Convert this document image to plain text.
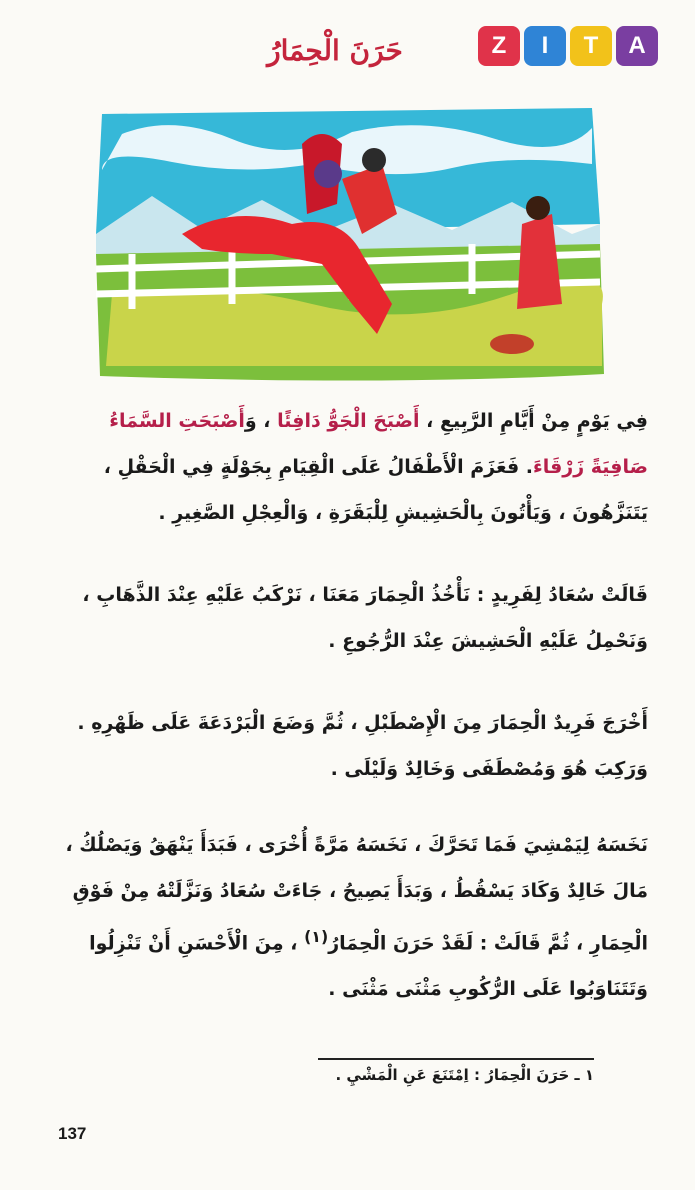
Z	I	T	A
حَرَنَ الْحِمَارُ
فِي يَوْمٍ مِنْ أَيَّامِ الرَّبِيعِ ، أَصْبَحَ الْجَوُّ دَافِئًا ، وَأَصْبَحَتِ السَّمَاءُ صَافِيَةً زَرْقَاءَ. فَعَزَمَ الْأَطْفَالُ عَلَى الْقِيَامِ بِجَوْلَةٍ فِي الْحَقْلِ ، يَتَنَزَّهُونَ ، وَيَأْتُونَ بِالْحَشِيشِ لِلْبَقَرَةِ ، وَالْعِجْلِ الصَّغِيرِ .
قَالَتْ سُعَادُ لِفَرِيدٍ : نَأْخُذُ الْحِمَارَ مَعَنَا ، نَرْكَبُ عَلَيْهِ عِنْدَ الذَّهَابِ ، وَنَحْمِلُ عَلَيْهِ الْحَشِيشَ عِنْدَ الرُّجُوعِ .
أَخْرَجَ فَرِيدٌ الْحِمَارَ مِنَ الْإِصْطَبْلِ ، ثُمَّ وَضَعَ الْبَرْدَعَةَ عَلَى ظَهْرِهِ . وَرَكِبَ هُوَ وَمُصْطَفَى وَخَالِدٌ وَلَيْلَى .
نَخَسَهُ لِيَمْشِيَ فَمَا تَحَرَّكَ ، نَخَسَهُ مَرَّةً أُخْرَى ، فَبَدَأَ يَنْهَقُ وَيَصْلُكُ ، مَالَ خَالِدٌ وَكَادَ يَسْقُطُ ، وَبَدَأَ يَصِيحُ ، جَاءَتْ سُعَادُ وَنَزَّلَتْهُ مِنْ فَوْقِ الْحِمَارِ ، ثُمَّ قَالَتْ : لَقَدْ حَرَنَ الْحِمَارُ$^{(١)}$ ، مِنَ الْأَحْسَنِ أَنْ تَنْزِلُوا وَتَتَنَاوَبُوا عَلَى الرُّكُوبِ مَثْنَى مَثْنَى .
١ ـ حَرَنَ الْحِمَارُ : اِمْتَنَعَ عَنِ الْمَشْيِ .
137
